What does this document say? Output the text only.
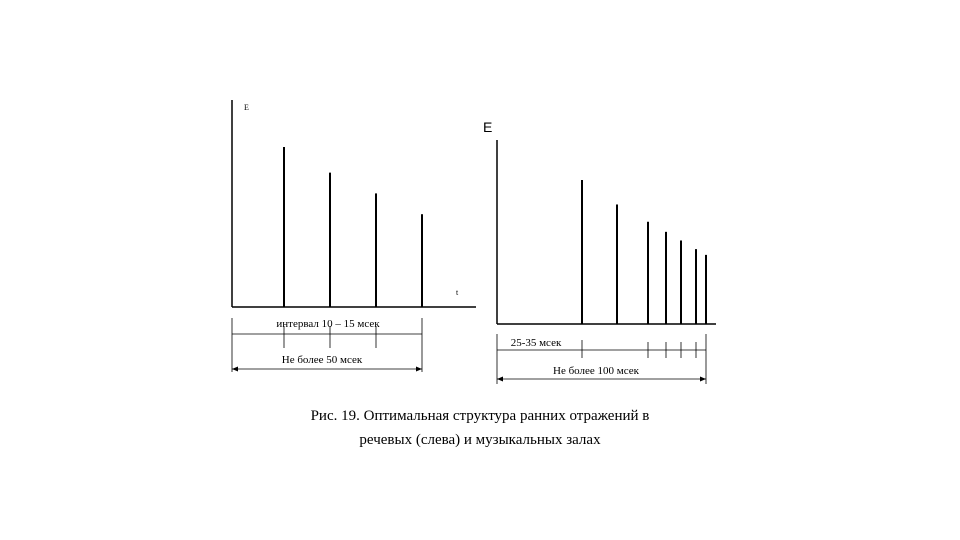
E
t
интервал 10 – 15 мсек
Не более 50 мсек
E
25-35 мсек
Не более 100 мсек
Рис. 19. Оптимальная структура ранних отражений в
речевых (слева) и музыкальных залах
